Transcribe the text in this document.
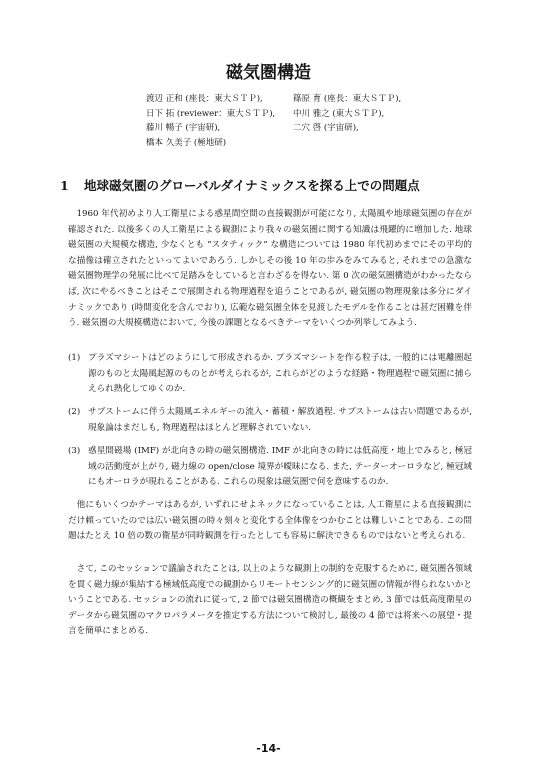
磁気圏構造
渡辺 正和 (座長：東大ＳＴＰ),	篠原 育 (座長：東大ＳＴＰ),
日下 拓 (reviewer：東大ＳＴＰ),	中川 雅之 (東大ＳＴＰ),
藤川 暢子 (宇宙研),	二穴 啓 (宇宙研),
橋本 久美子 (極地研)
1 地球磁気圏のグローバルダイナミックスを探る上での問題点
1960 年代初めより人工衛星による惑星間空間の直接観測が可能になり, 太陽風や地球磁気圏の存在が確認された. 以後多くの人工衛星による観測により我々の磁気圏に関する知識は飛躍的に増加した. 地球磁気圏の大規模な構造, 少なくとも “スタティック” な構造については 1980 年代初めまでにその平均的な描像は確立されたといってよいであろう. しかしその後 10 年の歩みをみてみると, それまでの急激な磁気圏物理学の発展に比べて足踏みをしていると言わざるを得ない. 第 0 次の磁気圏構造がわかったならば, 次にやるべきことはそこで展開される物理過程を追うことであるが, 磁気圏の物理現象は多分にダイナミックであり (時間変化を含んでおり), 広範な磁気圏全体を見渡したモデルを作ることは甚だ困難を伴う. 磁気圏の大規模構造において, 今後の課題となるべきテーマをいくつか列挙してみよう.
(1) プラズマシートはどのようにして形成されるか. プラズマシートを作る粒子は, 一般的には電離圏起源のものと太陽風起源のものとが考えられるが, これらがどのような経路・物理過程で磁気圏に捕らえられ熱化してゆくのか.
(2) サブストームに伴う太陽風エネルギーの流入・蓄積・解放過程. サブストームは古い問題であるが, 現象論はまだしも, 物理過程はほとんど理解されていない.
(3) 惑星間磁場 (IMF) が北向きの時の磁気圏構造. IMF が北向きの時には低高度・地上でみると, 極冠域の活動度が上がり, 磁力線の open/close 境界が曖昧になる. また, テーターオーロラなど, 極冠域にもオーロラが現れることがある. これらの現象は磁気圏で何を意味するのか.
他にもいくつかテーマはあるが, いずれにせよネックになっていることは, 人工衛星による直接観測にだけ頼っていたのでは広い磁気圏の時々刻々と変化する全体像をつかむことは難しいことである. この問題はたとえ 10 倍の数の衛星が同時観測を行ったとしても容易に解決できるものではないと考えられる.
さて, このセッションで議論されたことは, 以上のような観測上の制約を克服するために, 磁気圏各領域を貫く磁力線が集結する極域低高度での観測からリモートセンシング的に磁気圏の情報が得られないかということである. セッションの流れに従って, 2 節では磁気圏構造の概観をまとめ, 3 節では低高度衛星のデータから磁気圏のマクロパラメータを推定する方法について検討し, 最後の 4 節では将来への展望・提言を簡単にまとめる.
-14-
